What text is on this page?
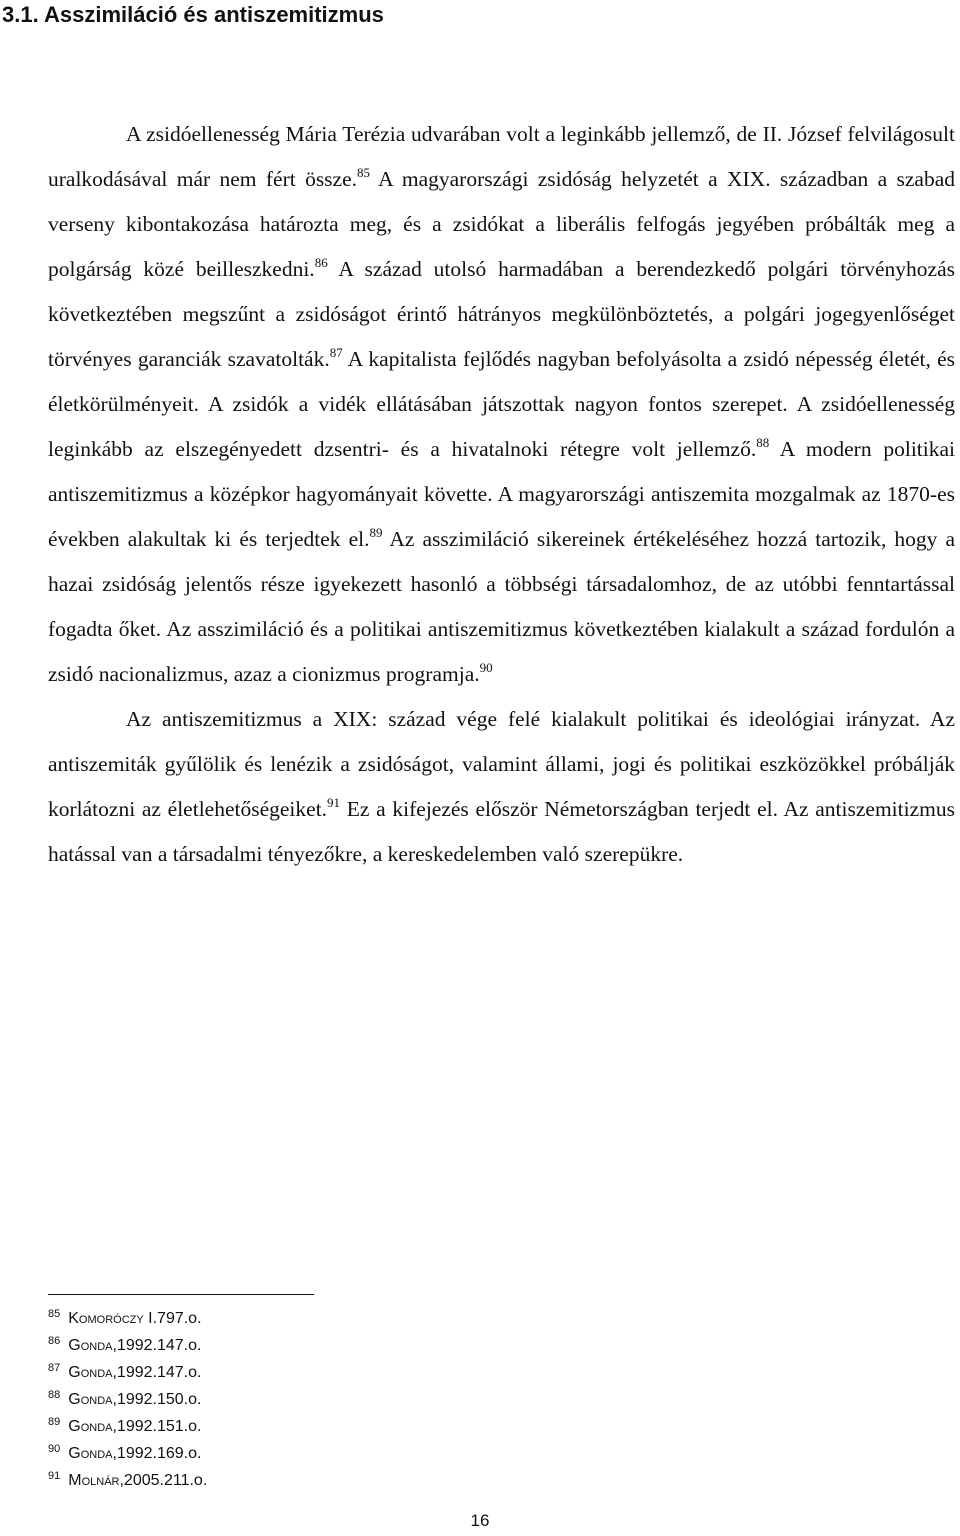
3.1. Asszimiláció és antiszemitizmus

A zsidóellenesség Mária Terézia udvarában volt a leginkább jellemző, de II. József felvilágosult uralkodásával már nem fért össze.$^{85}$ A magyarországi zsidóság helyzetét a XIX. században a szabad verseny kibontakozása határozta meg, és a zsidókat a liberális felfogás jegyében próbálták meg a polgárság közé beilleszkedni.$^{86}$ A század utolsó harmadában a berendezkedő polgári törvényhozás következtében megszűnt a zsidóságot érintő hátrányos megkülönböztetés, a polgári jogegyenlőséget törvényes garanciák szavatolták.$^{87}$ A kapitalista fejlődés nagyban befolyásolta a zsidó népesség életét, és életkörülményeit. A zsidók a vidék ellátásában játszottak nagyon fontos szerepet. A zsidóellenesség leginkább az elszegényedett dzsentri- és a hivatalnoki rétegre volt jellemző.$^{88}$ A modern politikai antiszemitizmus a középkor hagyományait követte. A magyarországi antiszemita mozgalmak az 1870-es években alakultak ki és terjedtek el.$^{89}$ Az asszimiláció sikereinek értékeléséhez hozzá tartozik, hogy a hazai zsidóság jelentős része igyekezett hasonló a többségi társadalomhoz, de az utóbbi fenntartással fogadta őket. Az asszimiláció és a politikai antiszemitizmus következtében kialakult a század fordulón a zsidó nacionalizmus, azaz a cionizmus programja.$^{90}$

Az antiszemitizmus a XIX: század vége felé kialakult politikai és ideológiai irányzat. Az antiszemiták gyűlölik és lenézik a zsidóságot, valamint állami, jogi és politikai eszközökkel próbálják korlátozni az életlehetőségeiket.$^{91}$ Ez a kifejezés először Németországban terjedt el. Az antiszemitizmus hatással van a társadalmi tényezőkre, a kereskedelemben való szerepükre.

$^{85}$ Komoróczy I.797.o.
$^{86}$ Gonda,1992.147.o.
$^{87}$ Gonda,1992.147.o.
$^{88}$ Gonda,1992.150.o.
$^{89}$ Gonda,1992.151.o.
$^{90}$ Gonda,1992.169.o.
$^{91}$ Molnár,2005.211.o.
16
